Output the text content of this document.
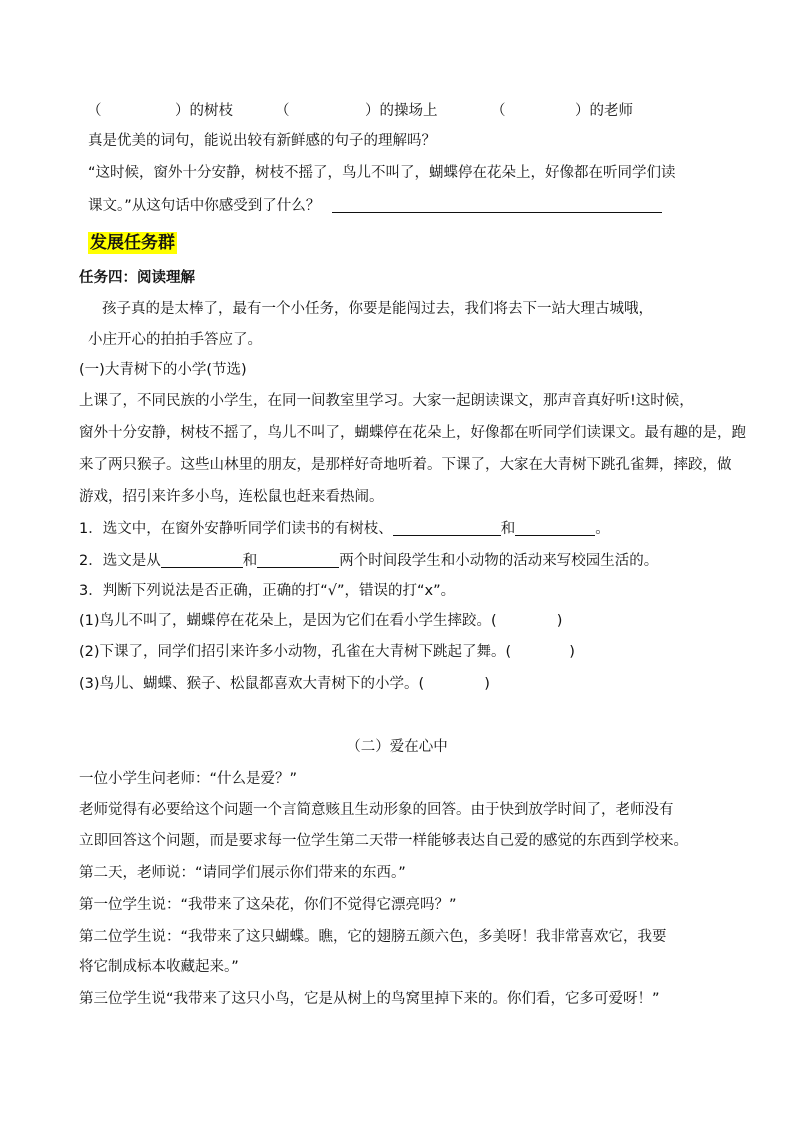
（	）的树枝	（	）的操场上	（	）的老师
真是优美的词句，能说出较有新鲜感的句子的理解吗？
“这时候，窗外十分安静，树枝不摇了，鸟儿不叫了，蝴蝶停在花朵上，好像都在听同学们读
课文。”从这句话中你感受到了什么？
发展任务群
任务四：阅读理解
孩子真的是太棒了，最有一个小任务，你要是能闯过去，我们将去下一站大理古城哦，
小庄开心的拍拍手答应了。
(一)大青树下的小学(节选)
上课了，不同民族的小学生，在同一间教室里学习。大家一起朗读课文，那声音真好听!这时候，
窗外十分安静，树枝不摇了，鸟儿不叫了，蝴蝶停在花朵上，好像都在听同学们读课文。最有趣的是，跑
来了两只猴子。这些山林里的朋友，是那样好奇地听着。下课了，大家在大青树下跳孔雀舞，摔跤，做
游戏，招引来许多小鸟，连松鼠也赶来看热闹。
1．选文中，在窗外安静听同学们读书的有树枝、	和	。
2．选文是从	和	两个时间段学生和小动物的活动来写校园生活的。
3．判断下列说法是否正确，正确的打“√”，错误的打“x”。
(1)鸟儿不叫了，蝴蝶停在花朵上，是因为它们在看小学生摔跤。(	)
(2)下课了，同学们招引来许多小动物，孔雀在大青树下跳起了舞。(	)
(3)鸟儿、蝴蝶、猴子、松鼠都喜欢大青树下的小学。(	)
（二）爱在心中
一位小学生问老师：“什么是爱？”
老师觉得有必要给这个问题一个言简意赅且生动形象的回答。由于快到放学时间了，老师没有
立即回答这个问题，而是要求每一位学生第二天带一样能够表达自己爱的感觉的东西到学校来。
第二天，老师说：“请同学们展示你们带来的东西。”
第一位学生说：“我带来了这朵花，你们不觉得它漂亮吗？”
第二位学生说：“我带来了这只蝴蝶。瞧，它的翅膀五颜六色，多美呀！我非常喜欢它，我要
将它制成标本收藏起来。”
第三位学生说“我带来了这只小鸟，它是从树上的鸟窝里掉下来的。你们看，它多可爱呀！”
